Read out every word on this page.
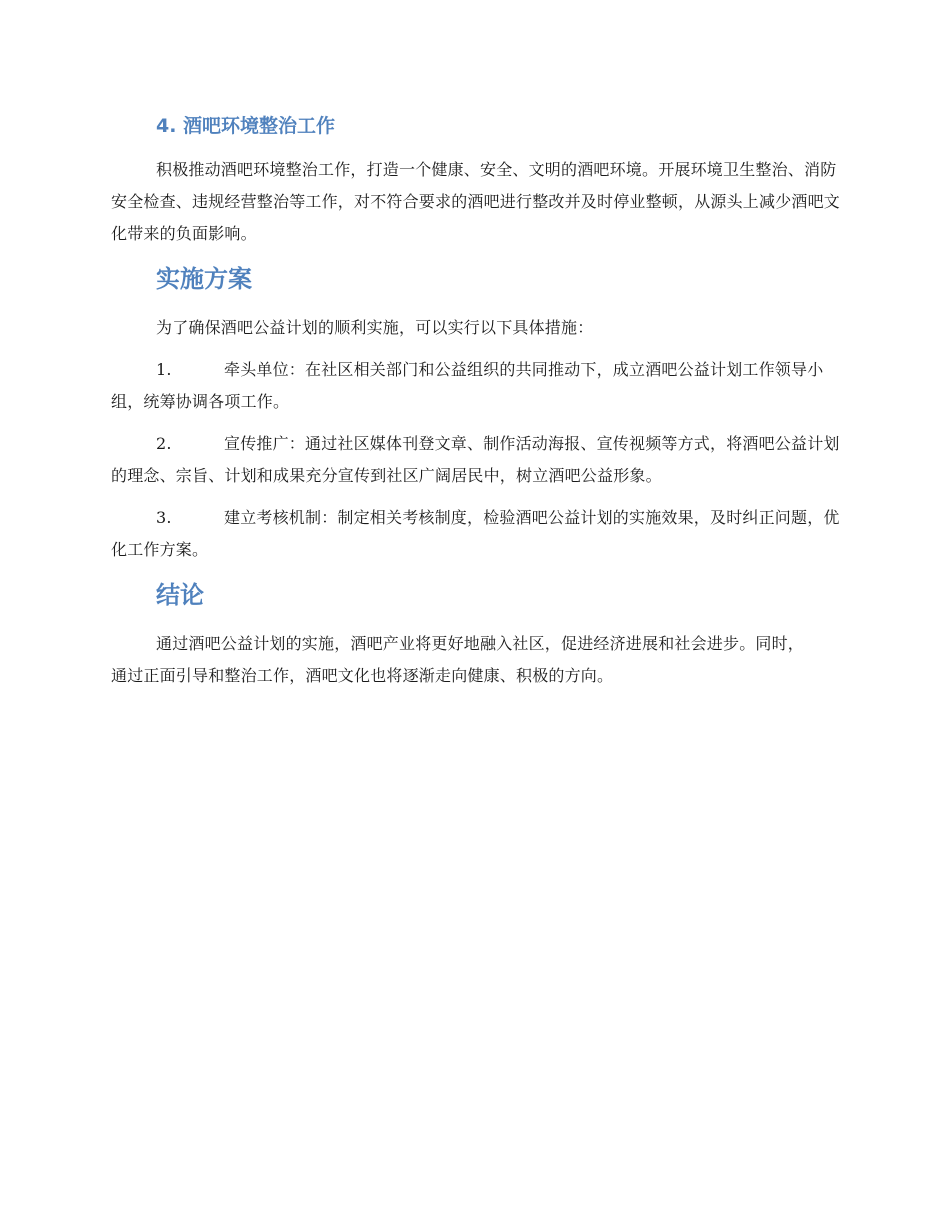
4. 酒吧环境整治工作

积极推动酒吧环境整治工作，打造一个健康、安全、文明的酒吧环境。开展环境卫生整治、消防安全检查、违规经营整治等工作，对不符合要求的酒吧进行整改并及时停业整顿，从源头上减少酒吧文化带来的负面影响。

实施方案

为了确保酒吧公益计划的顺利实施，可以实行以下具体措施：

1.	牵头单位：在社区相关部门和公益组织的共同推动下，成立酒吧公益计划工作领导小组，统筹协调各项工作。

2.	宣传推广：通过社区媒体刊登文章、制作活动海报、宣传视频等方式，将酒吧公益计划的理念、宗旨、计划和成果充分宣传到社区广阔居民中，树立酒吧公益形象。

3.	建立考核机制：制定相关考核制度，检验酒吧公益计划的实施效果，及时纠正问题，优化工作方案。

结论

通过酒吧公益计划的实施，酒吧产业将更好地融入社区，促进经济进展和社会进步。同时，通过正面引导和整治工作，酒吧文化也将逐渐走向健康、积极的方向。
